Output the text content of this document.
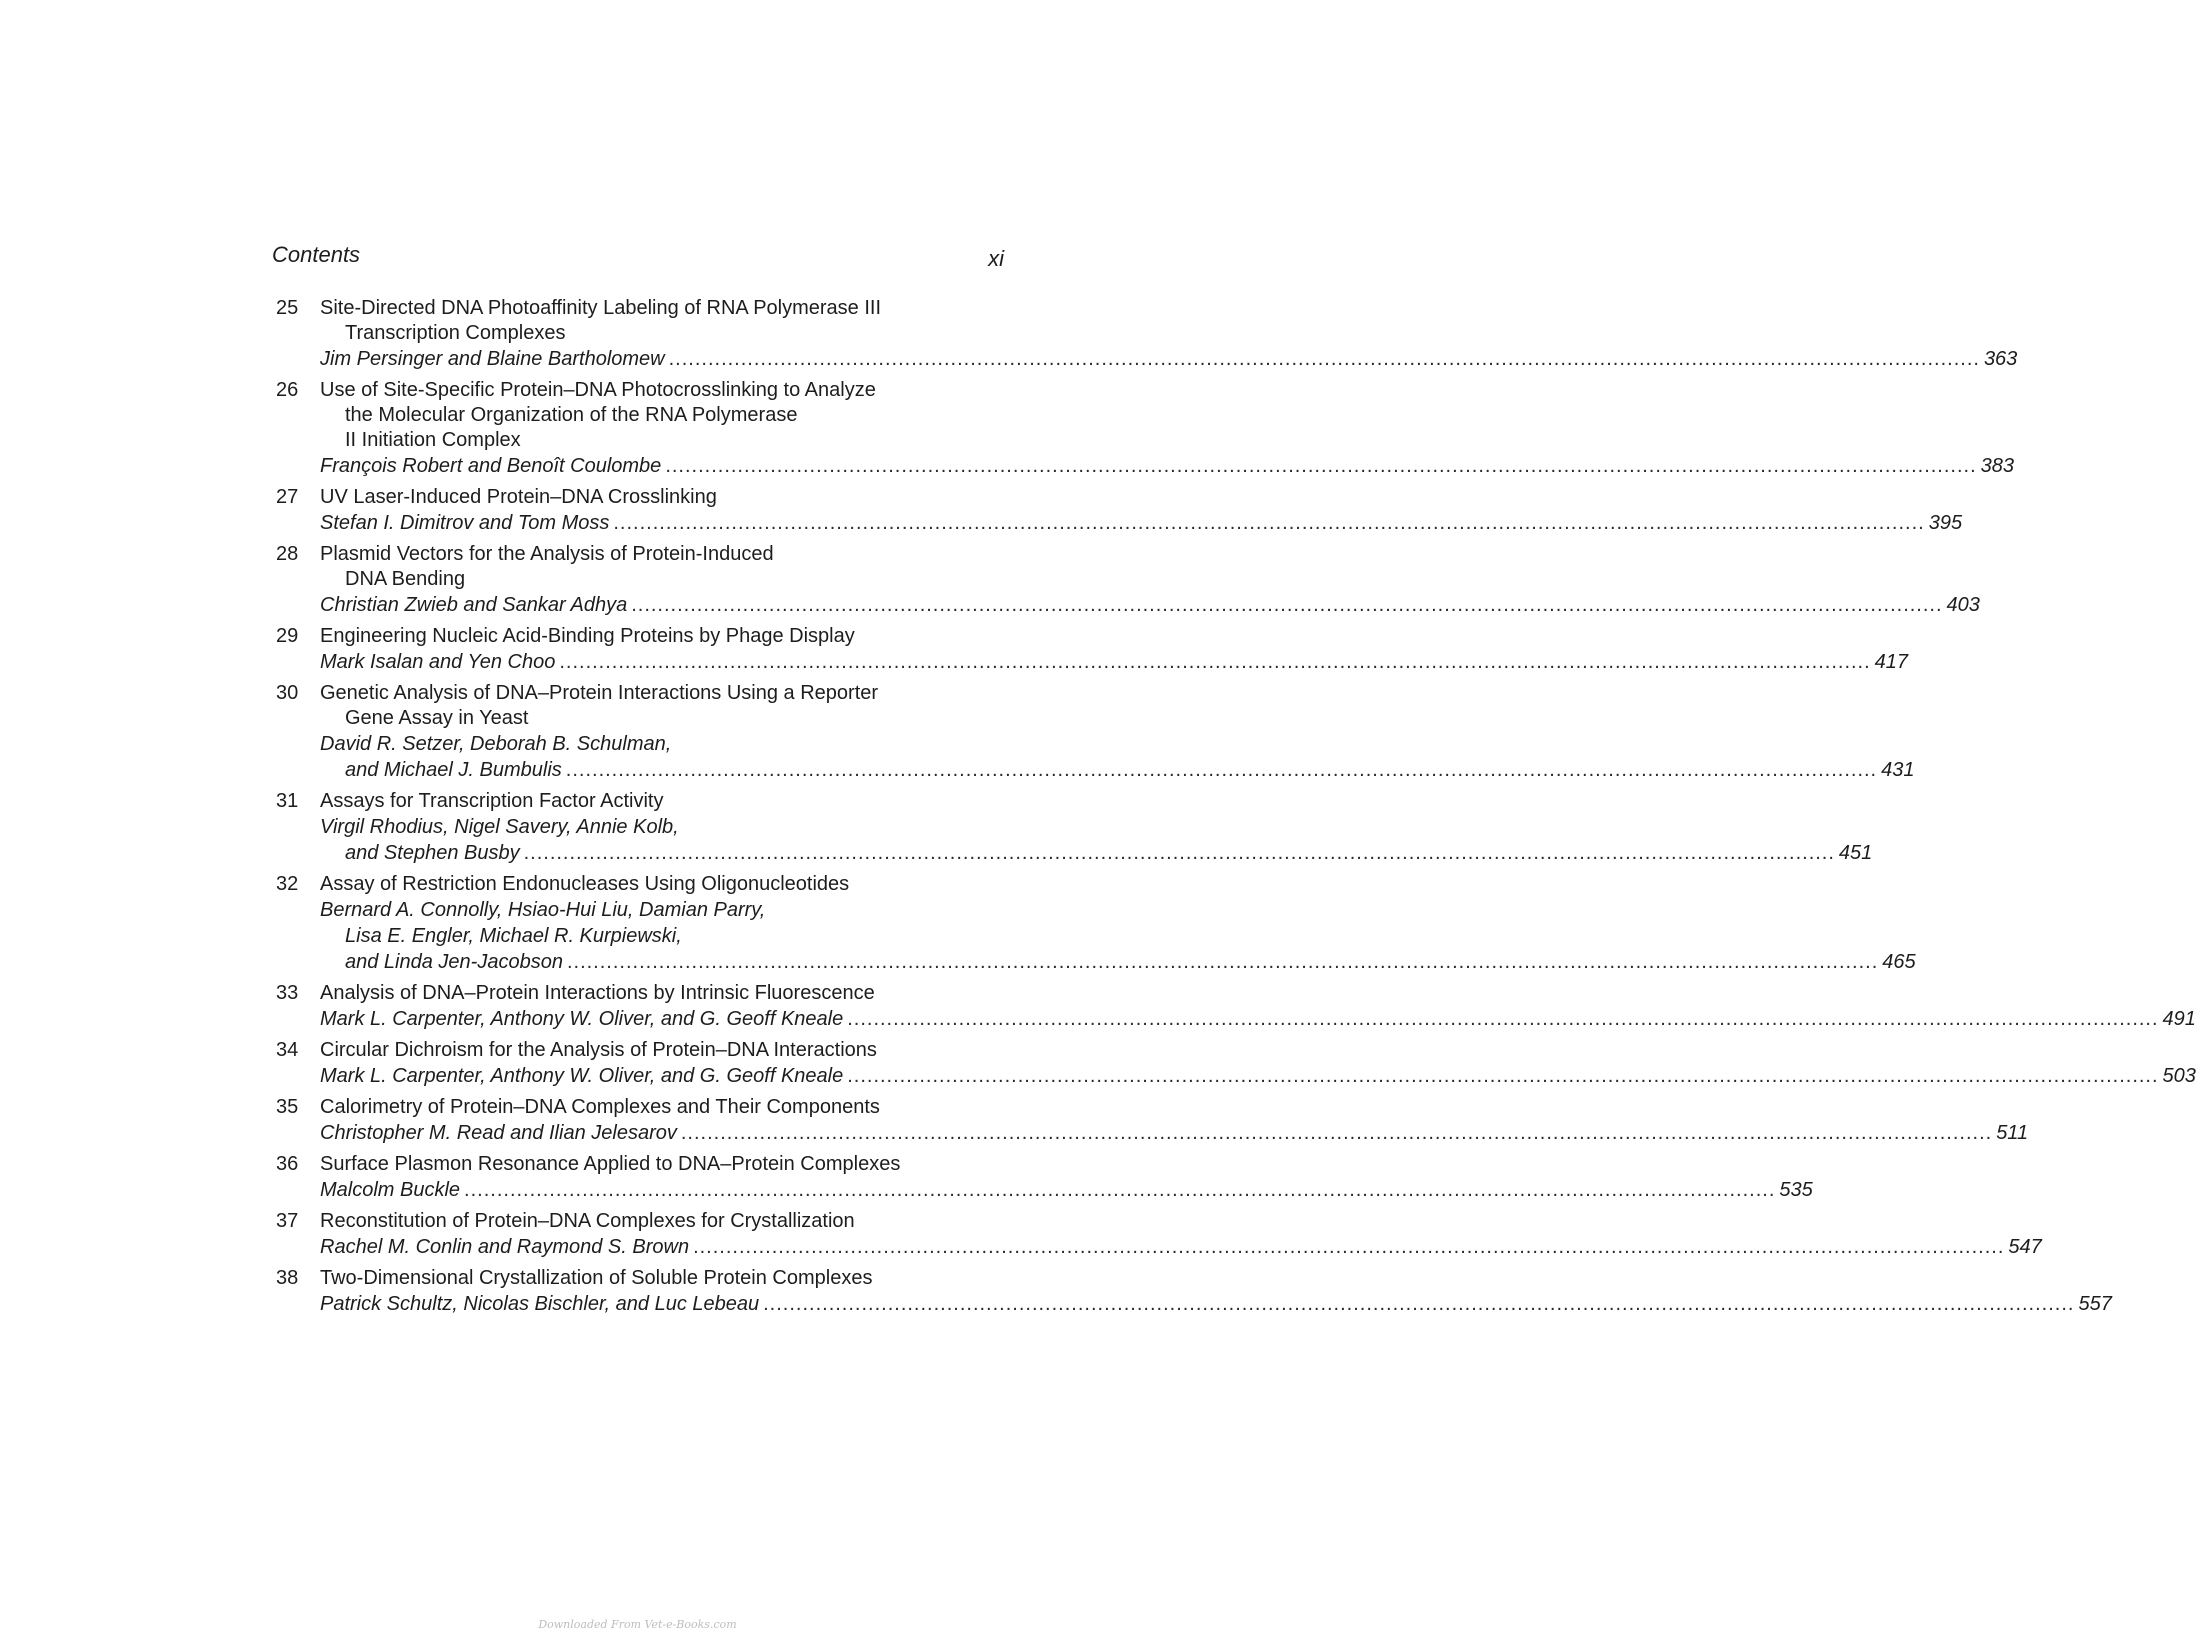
Contents	xi
25	Site-Directed DNA Photoaffinity Labeling of RNA Polymerase III
Transcription Complexes
Jim Persinger and Blaine Bartholomew ........................................................................................................................................................................................................ 363
26	Use of Site-Specific Protein–DNA Photocrosslinking to Analyze
the Molecular Organization of the RNA Polymerase
II Initiation Complex
François Robert and Benoît Coulombe ........................................................................................................................................................................................................ 383
27	UV Laser-Induced Protein–DNA Crosslinking
Stefan I. Dimitrov and Tom Moss ........................................................................................................................................................................................................ 395
28	Plasmid Vectors for the Analysis of Protein-Induced
DNA Bending
Christian Zwieb and Sankar Adhya ........................................................................................................................................................................................................ 403
29	Engineering Nucleic Acid-Binding Proteins by Phage Display
Mark Isalan and Yen Choo ........................................................................................................................................................................................................ 417
30	Genetic Analysis of DNA–Protein Interactions Using a Reporter
Gene Assay in Yeast
David R. Setzer, Deborah B. Schulman,
and Michael J. Bumbulis ........................................................................................................................................................................................................ 431
31	Assays for Transcription Factor Activity
Virgil Rhodius, Nigel Savery, Annie Kolb,
and Stephen Busby ........................................................................................................................................................................................................ 451
32	Assay of Restriction Endonucleases Using Oligonucleotides
Bernard A. Connolly, Hsiao-Hui Liu, Damian Parry,
Lisa E. Engler, Michael R. Kurpiewski,
and Linda Jen-Jacobson ........................................................................................................................................................................................................ 465
33	Analysis of DNA–Protein Interactions by Intrinsic Fluorescence
Mark L. Carpenter, Anthony W. Oliver, and G. Geoff Kneale ........................................................................................................................................................................................................ 491
34	Circular Dichroism for the Analysis of Protein–DNA Interactions
Mark L. Carpenter, Anthony W. Oliver, and G. Geoff Kneale ........................................................................................................................................................................................................ 503
35	Calorimetry of Protein–DNA Complexes and Their Components
Christopher M. Read and Ilian Jelesarov ........................................................................................................................................................................................................ 511
36	Surface Plasmon Resonance Applied to DNA–Protein Complexes
Malcolm Buckle ........................................................................................................................................................................................................ 535
37	Reconstitution of Protein–DNA Complexes for Crystallization
Rachel M. Conlin and Raymond S. Brown ........................................................................................................................................................................................................ 547
38	Two-Dimensional Crystallization of Soluble Protein Complexes
Patrick Schultz, Nicolas Bischler, and Luc Lebeau ........................................................................................................................................................................................................ 557
Downloaded From Vet-e-Books.com
